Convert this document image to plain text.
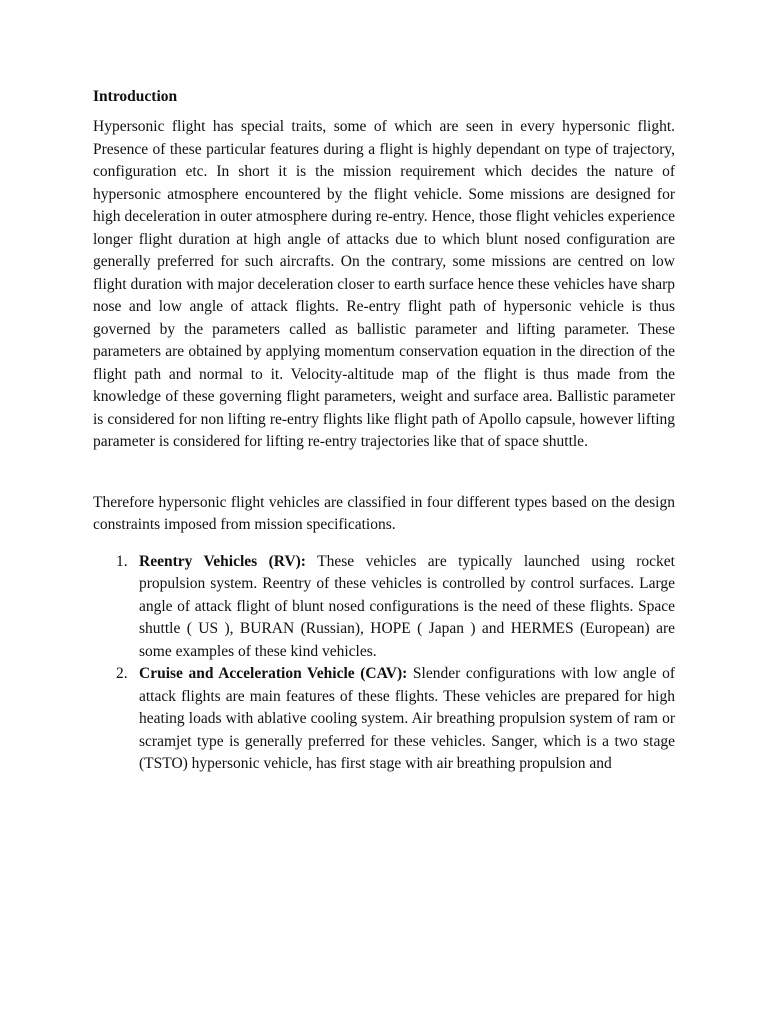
Introduction

Hypersonic flight has special traits, some of which are seen in every hypersonic flight. Presence of these particular features during a flight is highly dependant on type of trajectory, configuration etc. In short it is the mission requirement which decides the nature of hypersonic atmosphere encountered by the flight vehicle. Some missions are designed for high deceleration in outer atmosphere during re-entry. Hence, those flight vehicles experience longer flight duration at high angle of attacks due to which blunt nosed configuration are generally preferred for such aircrafts. On the contrary, some missions are centred on low flight duration with major deceleration closer to earth surface hence these vehicles have sharp nose and low angle of attack flights. Re-entry flight path of hypersonic vehicle is thus governed by the parameters called as ballistic parameter and lifting parameter. These parameters are obtained by applying momentum conservation equation in the direction of the flight path and normal to it. Velocity-altitude map of the flight is thus made from the knowledge of these governing flight parameters, weight and surface area. Ballistic parameter is considered for non lifting re-entry flights like flight path of Apollo capsule, however lifting parameter is considered for lifting re-entry trajectories like that of space shuttle.

Therefore hypersonic flight vehicles are classified in four different types based on the design constraints imposed from mission specifications.

1. Reentry Vehicles (RV): These vehicles are typically launched using rocket propulsion system. Reentry of these vehicles is controlled by control surfaces. Large angle of attack flight of blunt nosed configurations is the need of these flights. Space shuttle ( US ), BURAN (Russian), HOPE ( Japan ) and HERMES (European) are some examples of these kind vehicles.
2. Cruise and Acceleration Vehicle (CAV): Slender configurations with low angle of attack flights are main features of these flights. These vehicles are prepared for high heating loads with ablative cooling system. Air breathing propulsion system of ram or scramjet type is generally preferred for these vehicles. Sanger, which is a two stage (TSTO) hypersonic vehicle, has first stage with air breathing propulsion and
